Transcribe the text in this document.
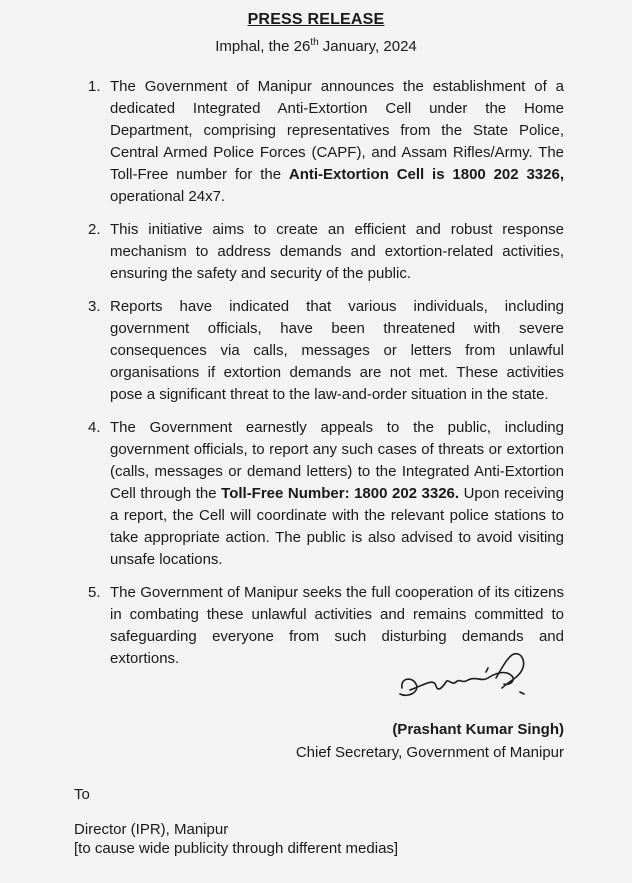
PRESS RELEASE
Imphal, the 26th January, 2024
1. The Government of Manipur announces the establishment of a dedicated Integrated Anti-Extortion Cell under the Home Department, comprising representatives from the State Police, Central Armed Police Forces (CAPF), and Assam Rifles/Army. The Toll-Free number for the Anti-Extortion Cell is 1800 202 3326, operational 24x7.
2. This initiative aims to create an efficient and robust response mechanism to address demands and extortion-related activities, ensuring the safety and security of the public.
3. Reports have indicated that various individuals, including government officials, have been threatened with severe consequences via calls, messages or letters from unlawful organisations if extortion demands are not met. These activities pose a significant threat to the law-and-order situation in the state.
4. The Government earnestly appeals to the public, including government officials, to report any such cases of threats or extortion (calls, messages or demand letters) to the Integrated Anti-Extortion Cell through the Toll-Free Number: 1800 202 3326. Upon receiving a report, the Cell will coordinate with the relevant police stations to take appropriate action. The public is also advised to avoid visiting unsafe locations.
5. The Government of Manipur seeks the full cooperation of its citizens in combating these unlawful activities and remains committed to safeguarding everyone from such disturbing demands and extortions.
(Prashant Kumar Singh)
Chief Secretary, Government of Manipur
To
Director (IPR), Manipur
[to cause wide publicity through different medias]
